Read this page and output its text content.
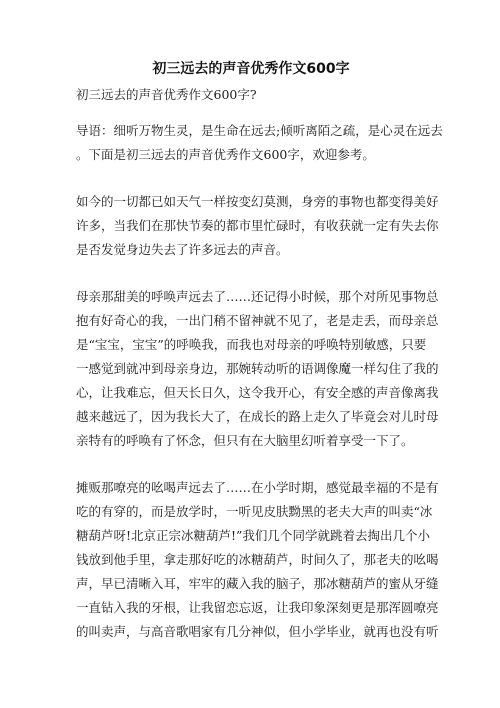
初三远去的声音优秀作文600字
初三远去的声音优秀作文600字?
导语：细听万物生灵，是生命在远去;倾听离陌之疏，是心灵在远去
。下面是初三远去的声音优秀作文600字，欢迎参考。
如今的一切都已如天气一样按变幻莫测，身旁的事物也都变得美好
许多，当我们在那快节奏的都市里忙碌时，有收获就一定有失去你
是否发觉身边失去了许多远去的声音。
母亲那甜美的呼唤声远去了……还记得小时候，那个对所见事物总
抱有好奇心的我，一出门稍不留神就不见了，老是走丢，而母亲总
是“宝宝，宝宝”的呼唤我，而我也对母亲的呼唤特别敏感，只要
一感觉到就冲到母亲身边，那婉转动听的语调像魔一样勾住了我的
心，让我难忘，但天长日久，这令我开心，有安全感的声音像离我
越来越远了，因为我长大了，在成长的路上走久了毕竟会对儿时母
亲特有的呼唤有了怀念，但只有在大脑里幻听着享受一下了。
摊贩那嘹亮的吆喝声远去了……在小学时期，感觉最幸福的不是有
吃的有穿的，而是放学时，一听见皮肤黝黑的老夫大声的叫卖“冰
糖葫芦呀!北京正宗冰糖葫芦!”我们几个同学就跳着去掏出几个小
钱放到他手里，拿走那好吃的冰糖葫芦，时间久了，那老夫的吆喝
声，早已清晰入耳，牢牢的藏入我的脑子，那冰糖葫芦的蜜从牙缝
一直钻入我的牙根，让我留恋忘返，让我印象深刻更是那浑圆嘹亮
的叫卖声，与高音歌唱家有几分神似，但小学毕业，就再也没有听
